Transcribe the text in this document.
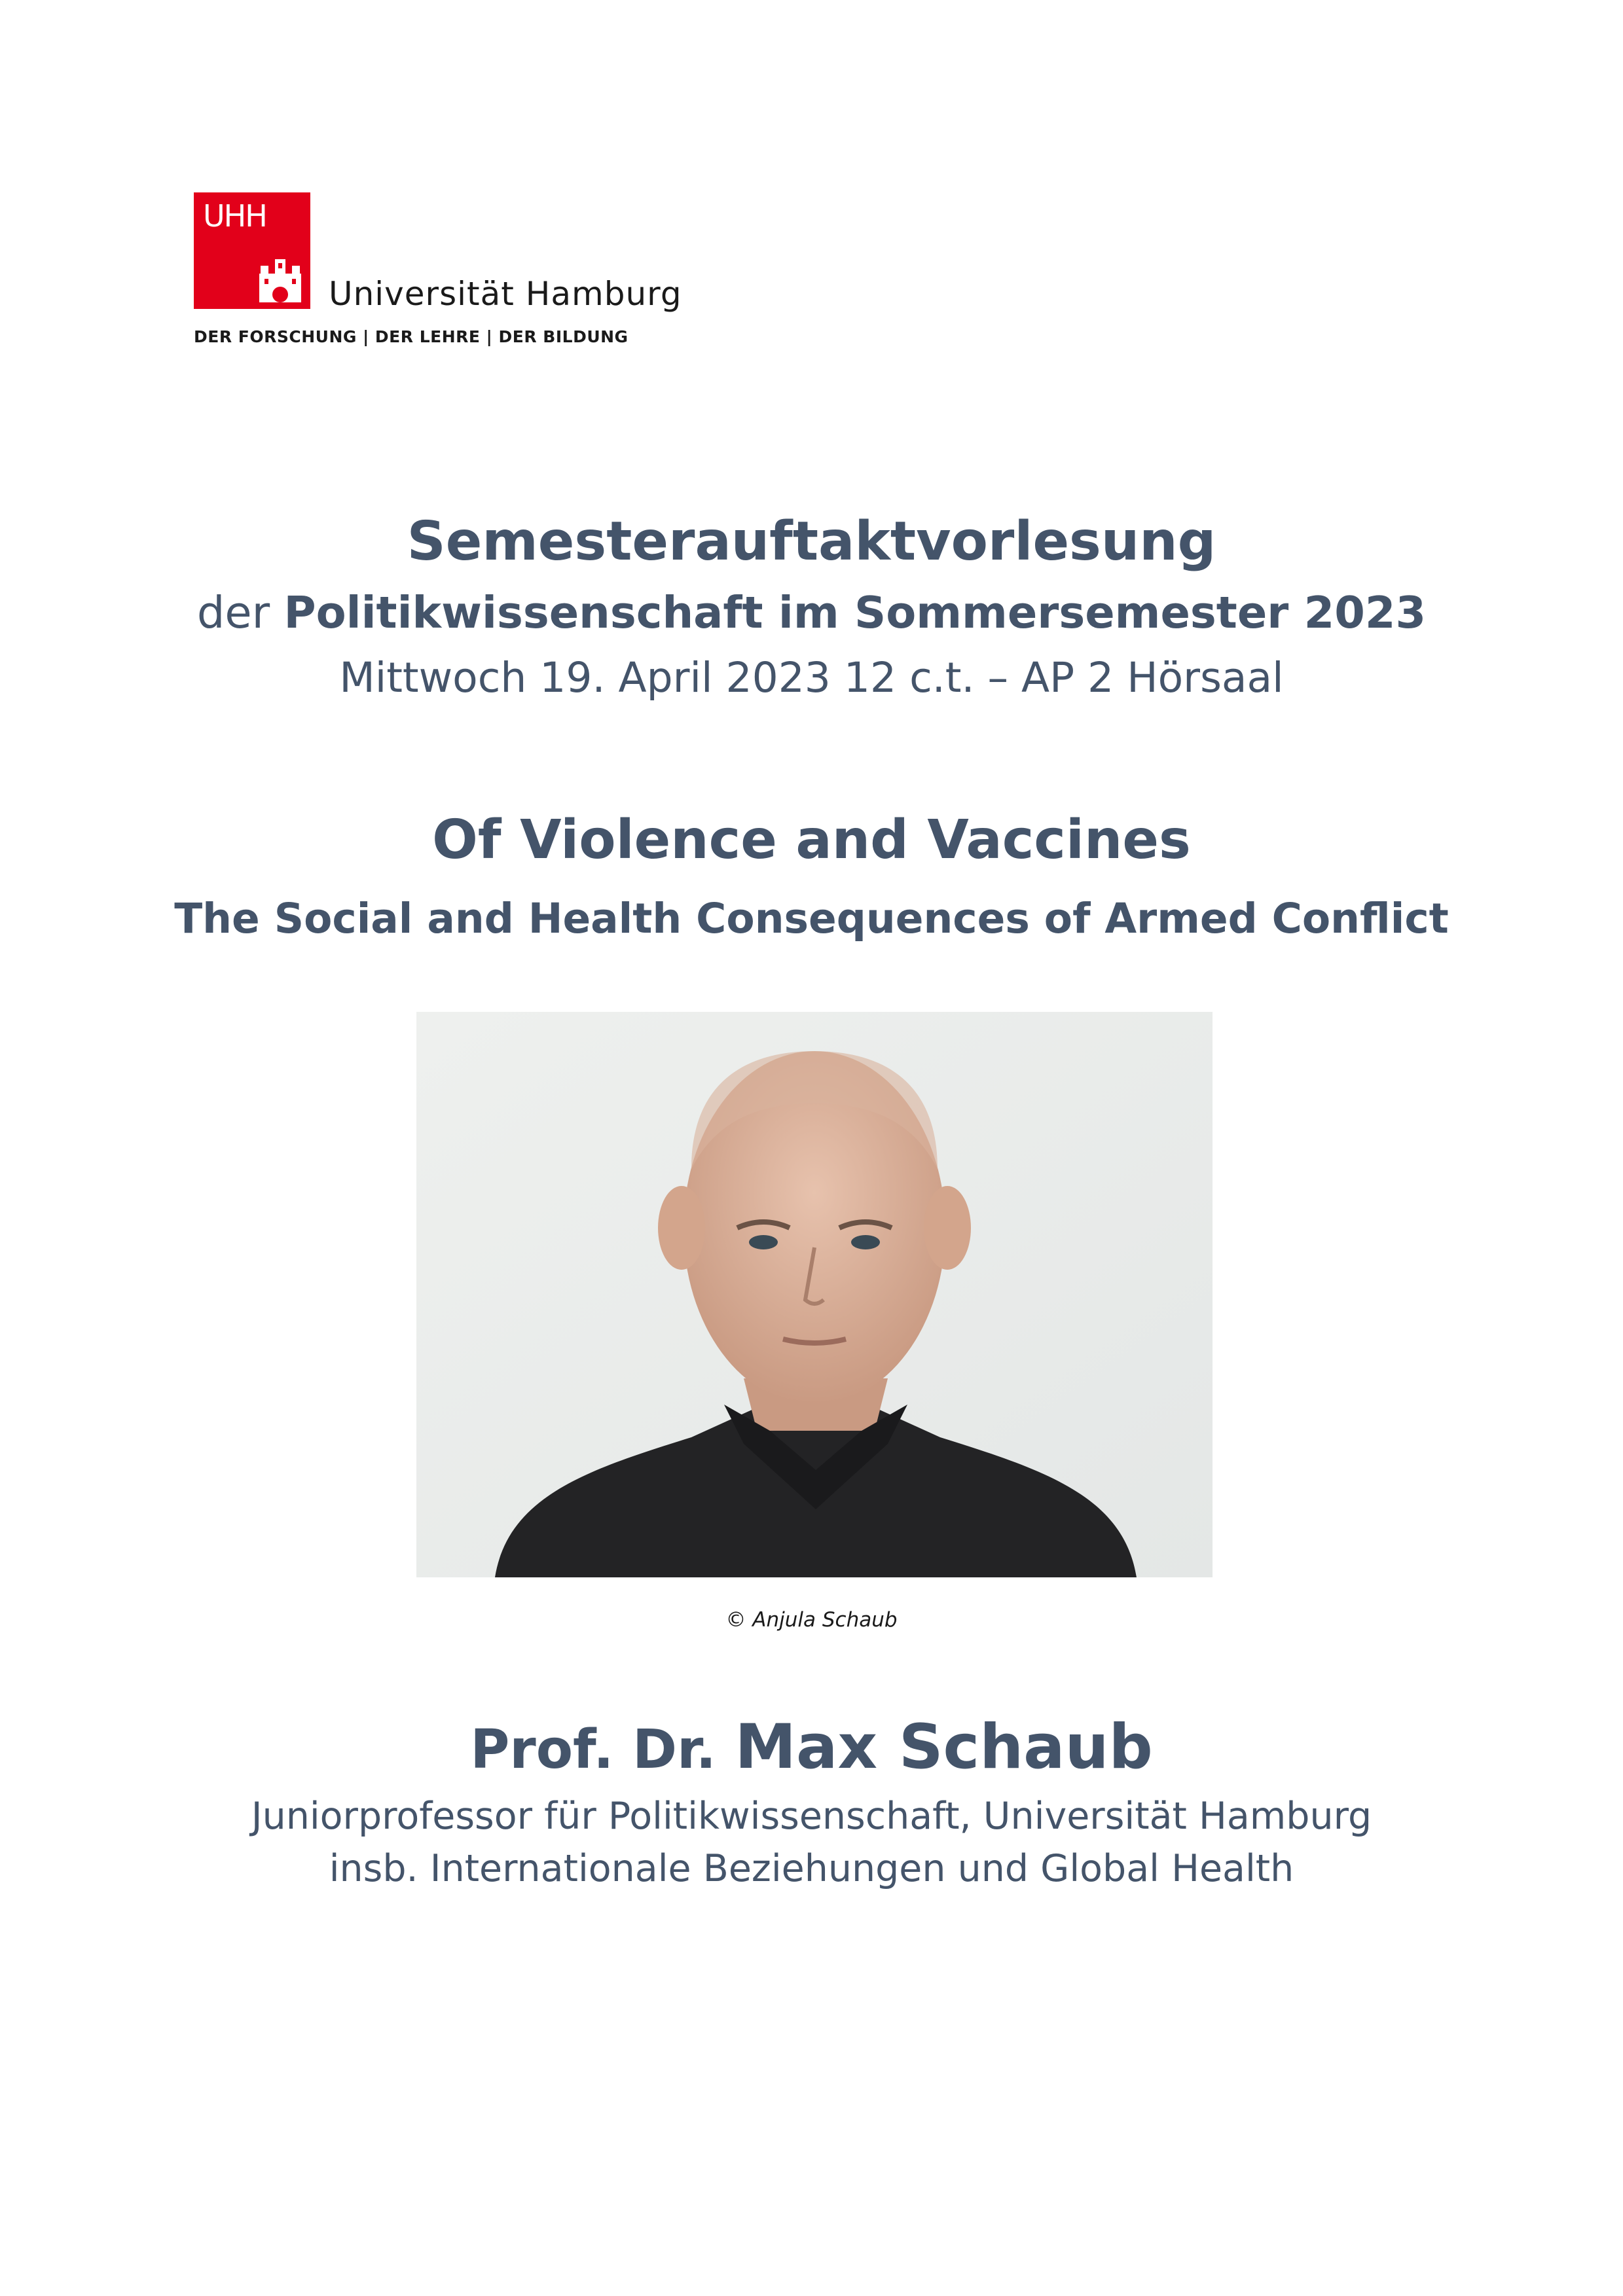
UHH
Universität Hamburg
DER FORSCHUNG | DER LEHRE | DER BILDUNG
Semesterauftaktvorlesung
der Politikwissenschaft im Sommersemester 2023
Mittwoch 19. April 2023 12 c.t. – AP 2 Hörsaal
Of Violence and Vaccines
The Social and Health Consequences of Armed Conflict
© Anjula Schaub
Prof. Dr. Max Schaub
Juniorprofessor für Politikwissenschaft, Universität Hamburg
insb. Internationale Beziehungen und Global Health
